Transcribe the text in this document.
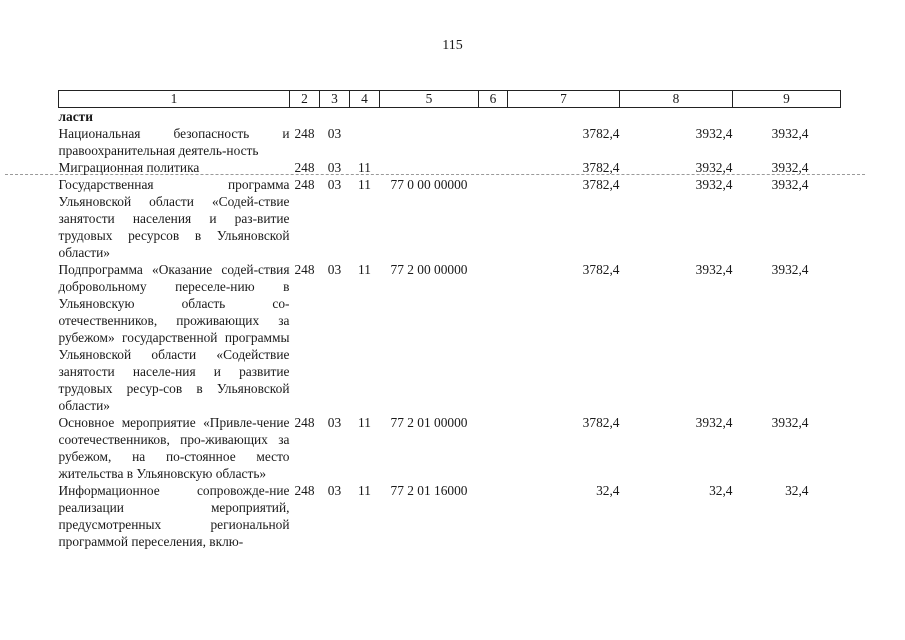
115
1	2	3	4	5	6	7	8	9
ласти								
Национальная безопасность и правоохранительная деятель-ность	248	03				3782,4	3932,4	3932,4
Миграционная политика	248	03	11			3782,4	3932,4	3932,4
Государственная программа Ульяновской области «Содей-ствие занятости населения и раз-витие трудовых ресурсов в Ульяновской области»	248	03	11	77 0 00 00000		3782,4	3932,4	3932,4
Подпрограмма «Оказание содей-ствия добровольному переселе-нию в Ульяновскую область со-отечественников, проживающих за рубежом» государственной программы Ульяновской области «Содействие занятости населе-ния и развитие трудовых ресур-сов в Ульяновской области»	248	03	11	77 2 00 00000		3782,4	3932,4	3932,4
Основное мероприятие «Привле-чение соотечественников, про-живающих за рубежом, на по-стоянное место жительства в Ульяновскую область»	248	03	11	77 2 01 00000		3782,4	3932,4	3932,4
Информационное сопровожде-ние реализации мероприятий, предусмотренных региональной программой переселения, вклю-	248	03	11	77 2 01 16000		32,4	32,4	32,4
